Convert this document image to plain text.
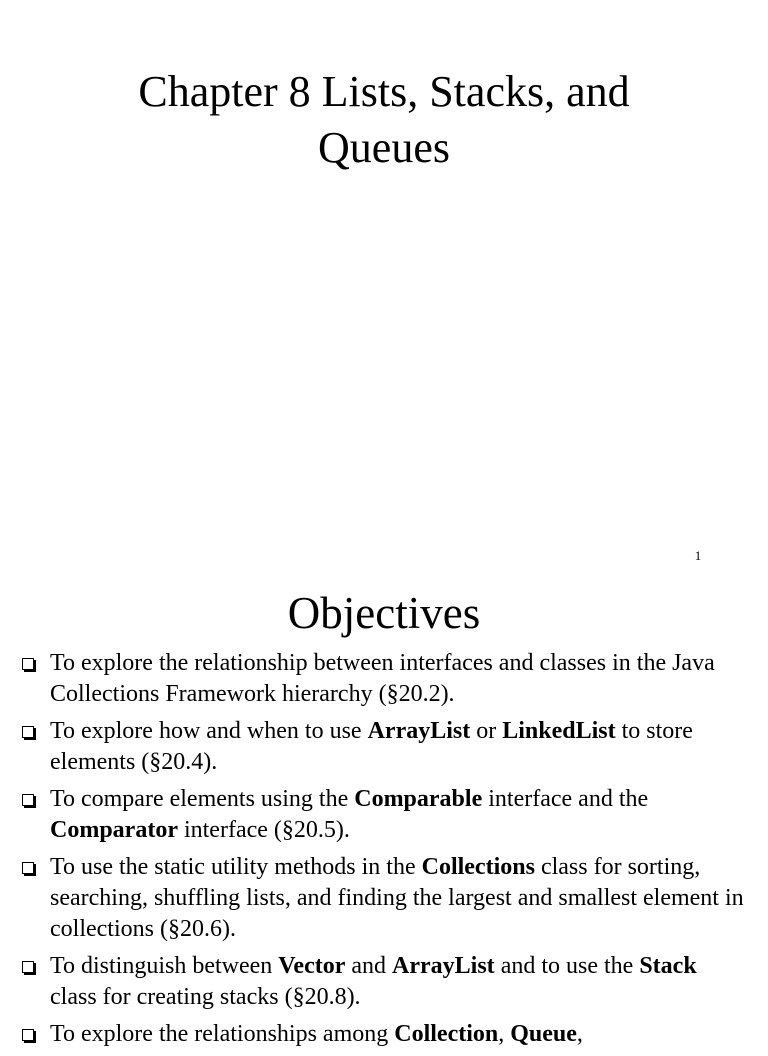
Chapter 8 Lists, Stacks, and
Queues
1
Objectives
To explore the relationship between interfaces and classes in the Java Collections Framework hierarchy (§20.2).
To explore how and when to use ArrayList or LinkedList to store elements (§20.4).
To compare elements using the Comparable interface and the Comparator interface (§20.5).
To use the static utility methods in the Collections class for sorting, searching, shuffling lists, and finding the largest and smallest element in collections (§20.6).
To distinguish between Vector and ArrayList and to use the Stack class for creating stacks (§20.8).
To explore the relationships among Collection, Queue,
